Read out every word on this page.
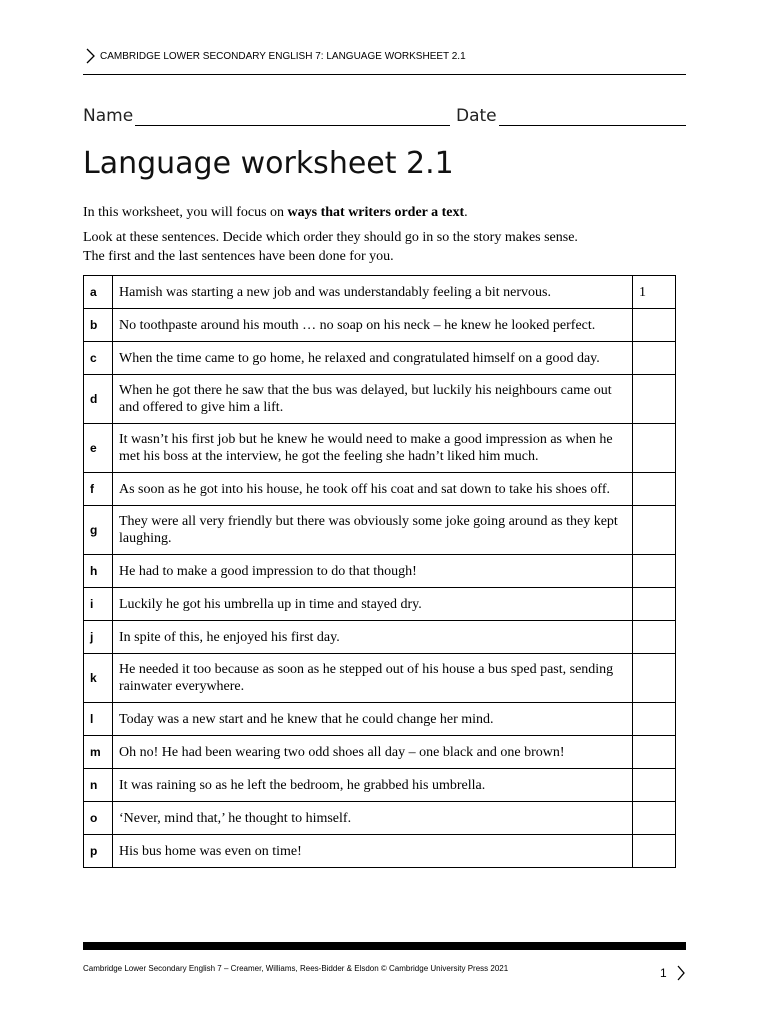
CAMBRIDGE LOWER SECONDARY ENGLISH 7: LANGUAGE WORKSHEET 2.1
Name	Date
Language worksheet 2.1

In this worksheet, you will focus on ways that writers order a text.

Look at these sentences. Decide which order they should go in so the story makes sense.
The first and the last sentences have been done for you.

a	Hamish was starting a new job and was understandably feeling a bit nervous.	1
b	No toothpaste around his mouth … no soap on his neck – he knew he looked perfect.	
c	When the time came to go home, he relaxed and congratulated himself on a good day.	
d	When he got there he saw that the bus was delayed, but luckily his neighbours came out and offered to give him a lift.	
e	It wasn’t his first job but he knew he would need to make a good impression as when he met his boss at the interview, he got the feeling she hadn’t liked him much.	
f	As soon as he got into his house, he took off his coat and sat down to take his shoes off.	
g	They were all very friendly but there was obviously some joke going around as they kept laughing.	
h	He had to make a good impression to do that though!	
i	Luckily he got his umbrella up in time and stayed dry.	
j	In spite of this, he enjoyed his first day.	
k	He needed it too because as soon as he stepped out of his house a bus sped past, sending rainwater everywhere.	
l	Today was a new start and he knew that he could change her mind.	
m	Oh no! He had been wearing two odd shoes all day – one black and one brown!	
n	It was raining so as he left the bedroom, he grabbed his umbrella.	
o	‘Never, mind that,’ he thought to himself.	
p	His bus home was even on time!	
Cambridge Lower Secondary English 7 – Creamer, Williams, Rees-Bidder & Elsdon © Cambridge University Press 2021	1
